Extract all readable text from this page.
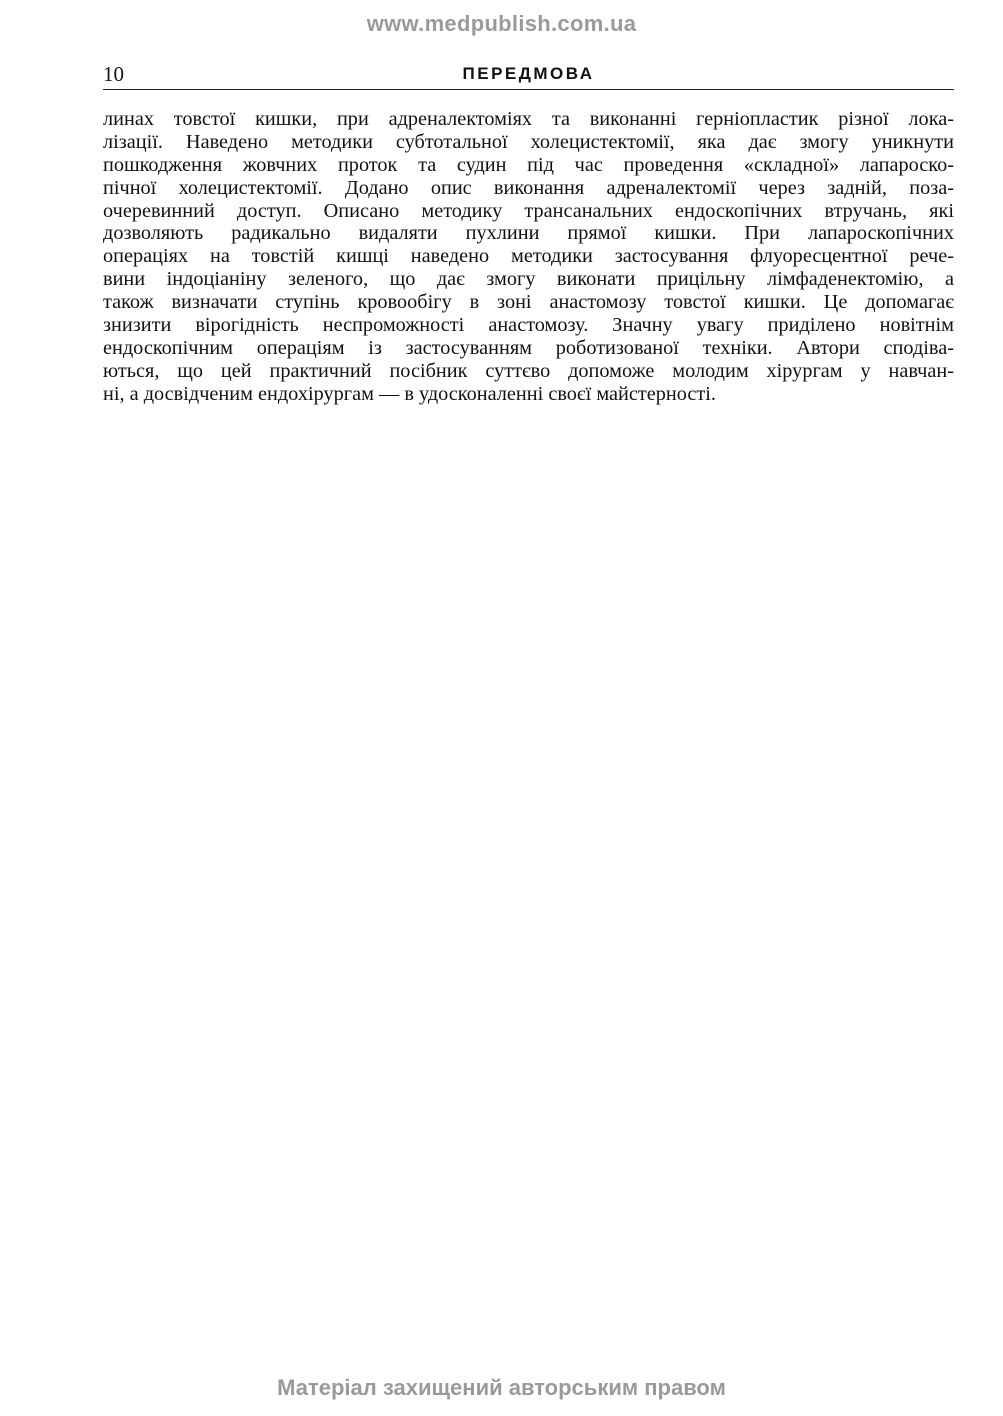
www.medpublish.com.ua
10	ПЕРЕДМОВА
линах товстої кишки, при адреналектоміях та виконанні герніопластик різної лока-
лізації. Наведено методики субтотальної холецистектомії, яка дає змогу уникнути
пошкодження жовчних проток та судин під час проведення «складної» лапароско-
пічної холецистектомії. Додано опис виконання адреналектомії через задній, поза-
очеревинний доступ. Описано методику трансанальних ендоскопічних втручань, які
дозволяють радикально видаляти пухлини прямої кишки. При лапароскопічних
операціях на товстій кишці наведено методики застосування флуоресцентної рече-
вини індоціаніну зеленого, що дає змогу виконати прицільну лімфаденектомію, а
також визначати ступінь кровообігу в зоні анастомозу товстої кишки. Це допомагає
знизити вірогідність неспроможності анастомозу. Значну увагу приділено новітнім
ендоскопічним операціям із застосуванням роботизованої техніки. Автори сподіва-
ються, що цей практичний посібник суттєво допоможе молодим хірургам у навчан-
ні, а досвідченим ендохірургам — в удосконаленні своєї майстерності.
Матеріал захищений авторським правом
